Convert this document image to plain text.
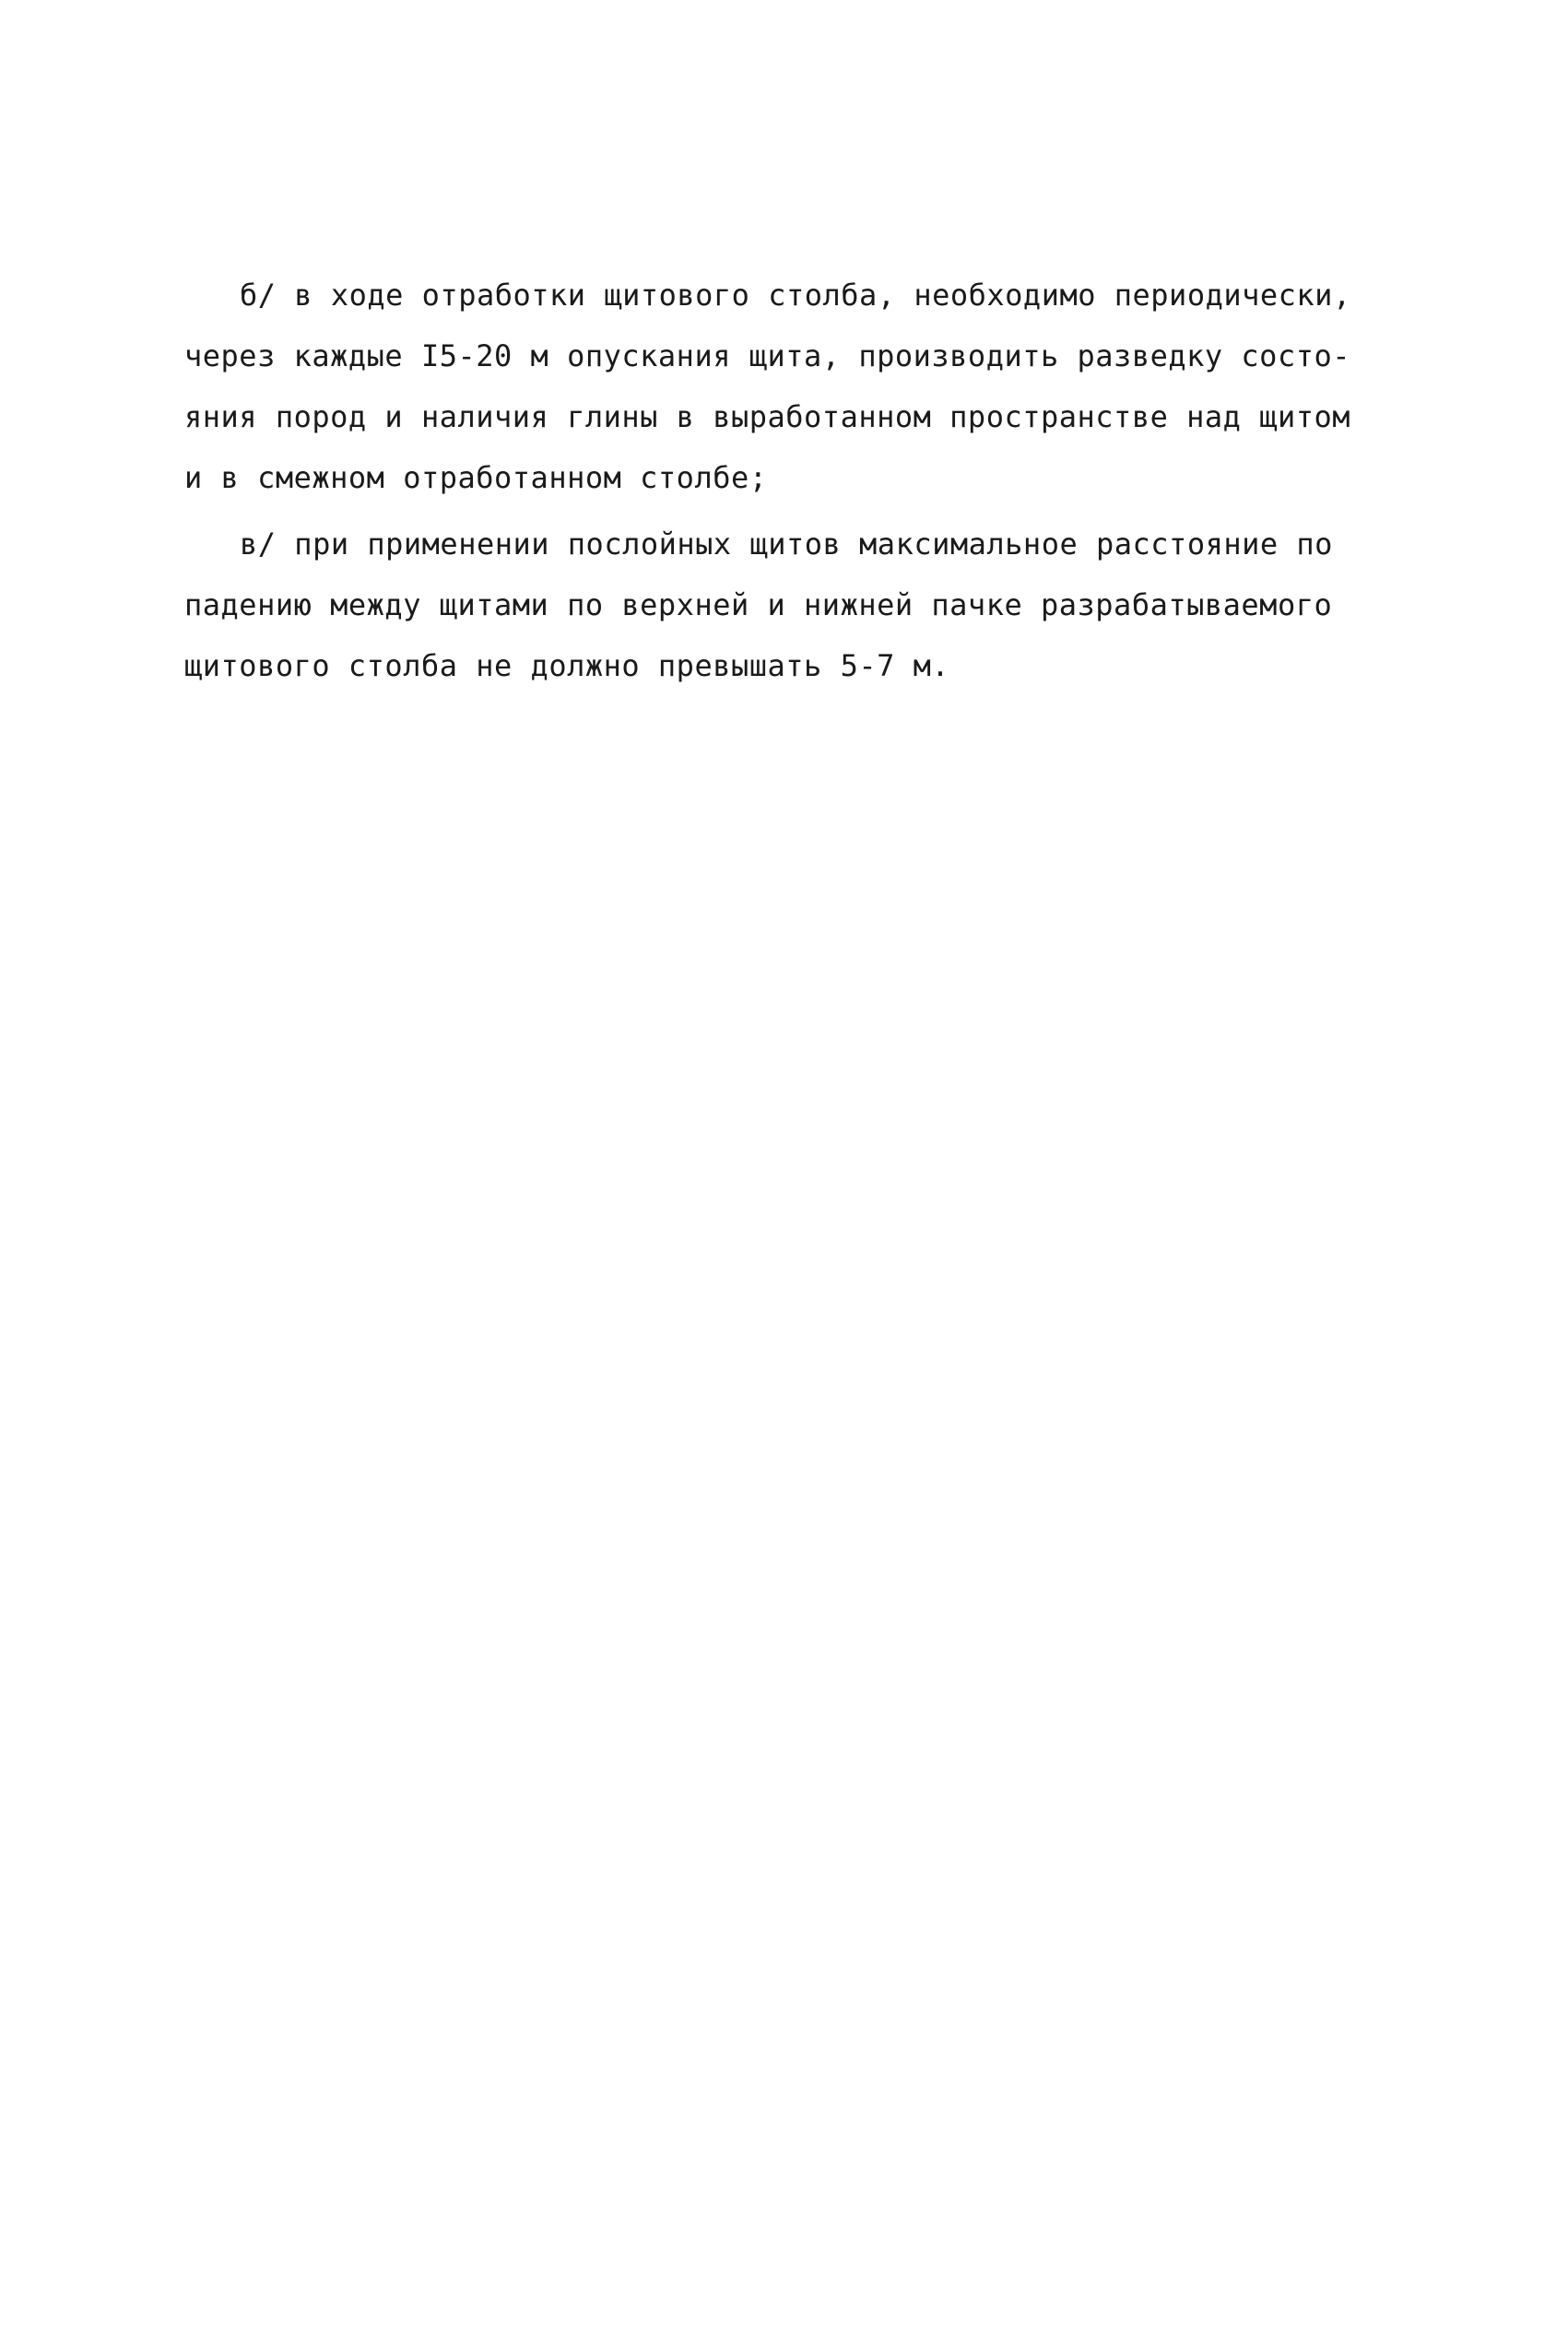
б/ в ходе отработки щитового столба, необходимо периодически,
через каждые I5-20 м опускания щита, производить разведку состо-
яния пород и наличия глины в выработанном пространстве над щитом
и в смежном отработанном столбе;
в/ при применении послойных щитов максимальное расстояние по
падению между щитами по верхней и нижней пачке разрабатываемого
щитового столба не должно превышать 5-7 м.
